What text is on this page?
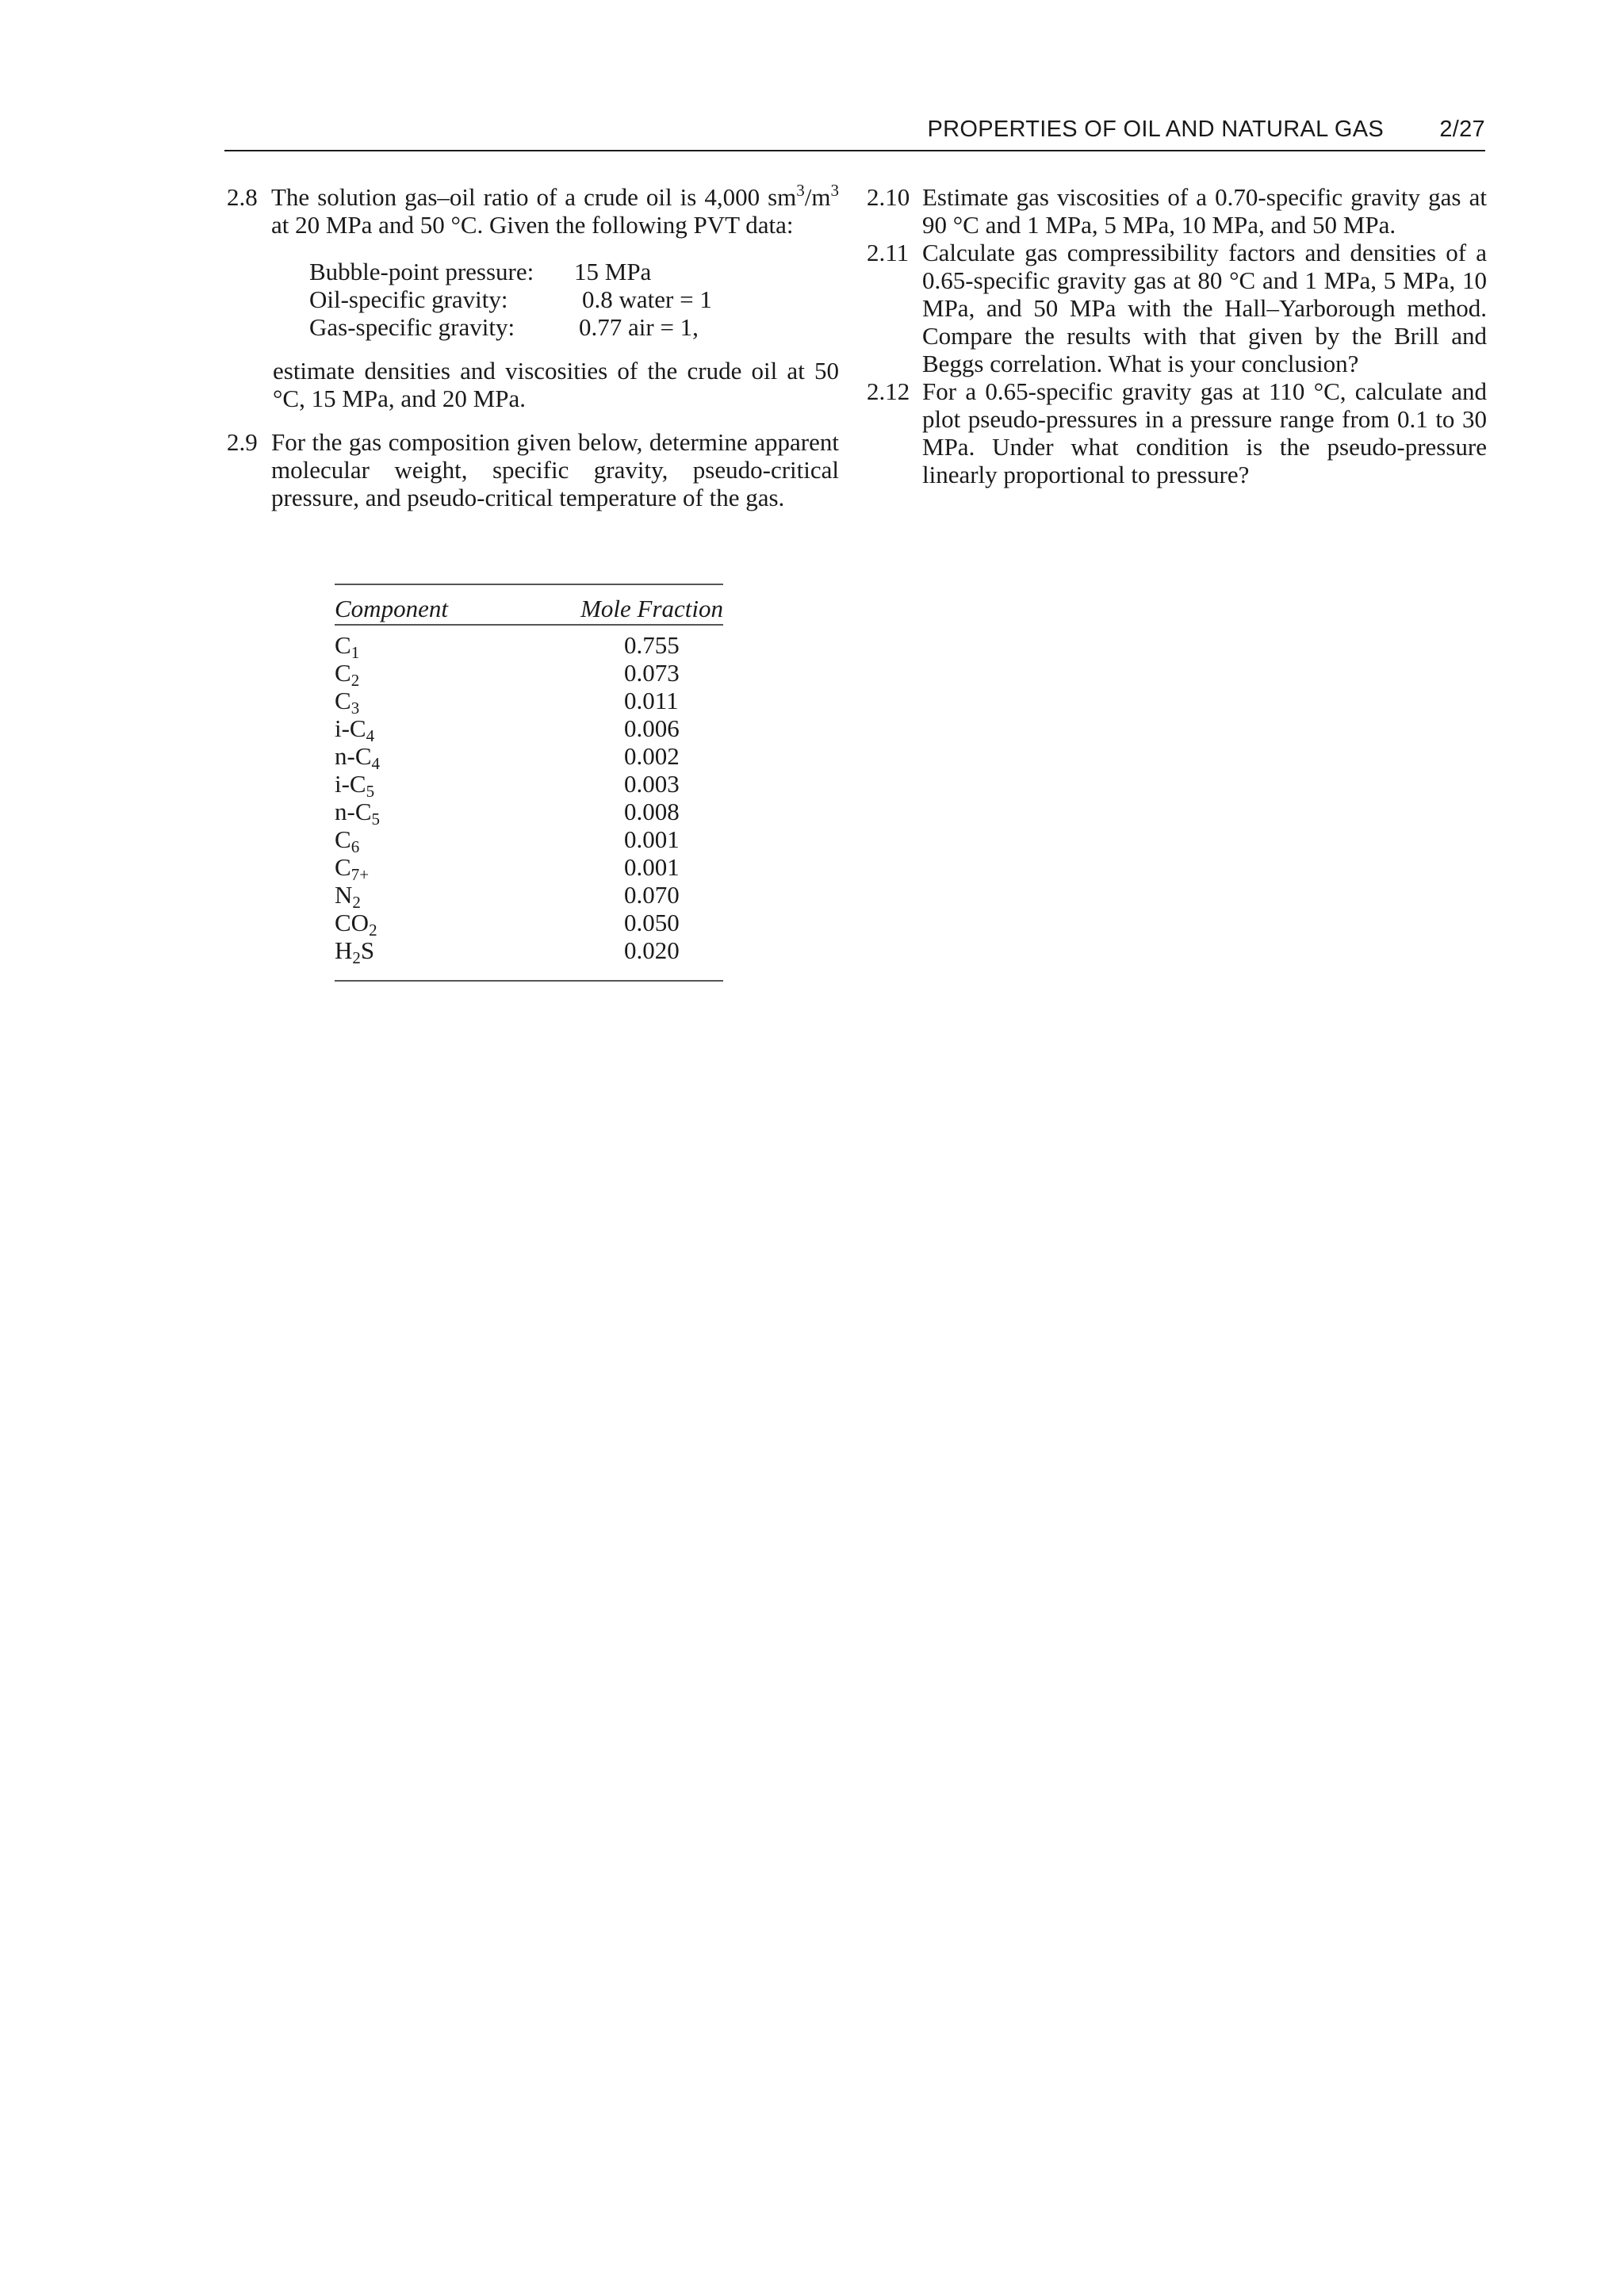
PROPERTIES OF OIL AND NATURAL GAS 2/27
2.8 The solution gas–oil ratio of a crude oil is 4,000 $sm^3/m^3$ at 20 MPa and 50 °C. Given the following PVT data:
Bubble-point pressure:	15 MPa
Oil-specific gravity:	0.8 water = 1
Gas-specific gravity:	0.77 air = 1,
estimate densities and viscosities of the crude oil at 50 °C, 15 MPa, and 20 MPa.
2.9 For the gas composition given below, determine apparent molecular weight, specific gravity, pseudo-critical pressure, and pseudo-critical temperature of the gas.
Component	Mole Fraction
$C_1$	0.755
$C_2$	0.073
$C_3$	0.011
$i-C_4$	0.006
$n-C_4$	0.002
$i-C_5$	0.003
$n-C_5$	0.008
$C_6$	0.001
$C_{7+}$	0.001
$N_2$	0.070
$CO_2$	0.050
$H_2S$	0.020
2.10 Estimate gas viscosities of a 0.70-specific gravity gas at 90 °C and 1 MPa, 5 MPa, 10 MPa, and 50 MPa.
2.11 Calculate gas compressibility factors and densities of a 0.65-specific gravity gas at 80 °C and 1 MPa, 5 MPa, 10 MPa, and 50 MPa with the Hall–Yarborough method. Compare the results with that given by the Brill and Beggs correlation. What is your conclusion?
2.12 For a 0.65-specific gravity gas at 110 °C, calculate and plot pseudo-pressures in a pressure range from 0.1 to 30 MPa. Under what condition is the pseudo-pressure linearly proportional to pressure?
